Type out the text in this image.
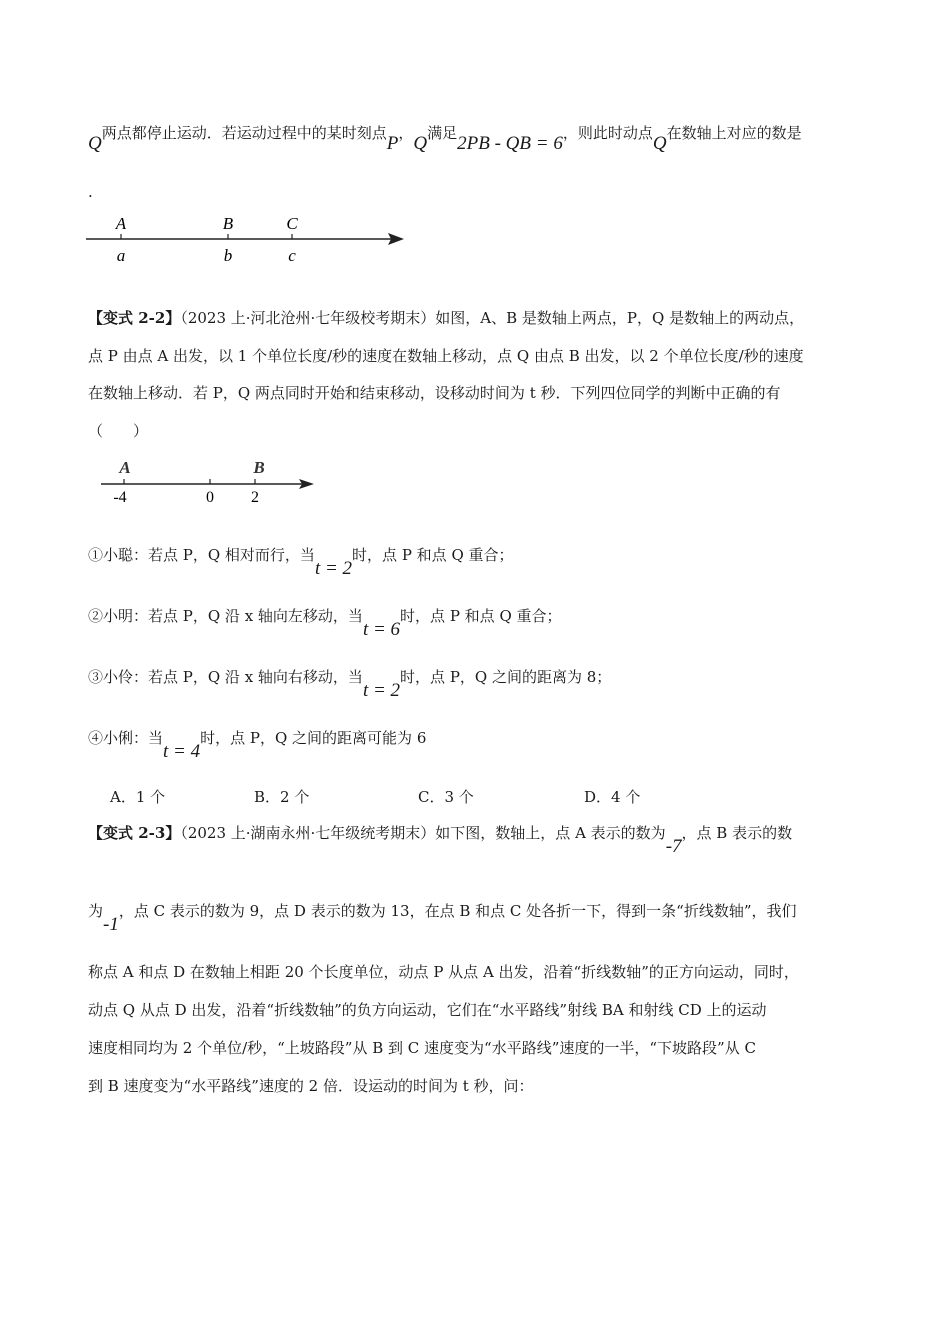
Q两点都停止运动．若运动过程中的某时刻点P，Q满足2PB - QB = 6，则此时动点Q在数轴上对应的数是
.
A	B	C
a	b	c
【变式 2-2】（2023 上·河北沧州·七年级校考期末）如图，A、B 是数轴上两点，P，Q 是数轴上的两动点，
点 P 由点 A 出发，以 1 个单位长度/秒的速度在数轴上移动，点 Q 由点 B 出发，以 2 个单位长度/秒的速度
在数轴上移动．若 P，Q 两点同时开始和结束移动，设移动时间为 t 秒．下列四位同学的判断中正确的有
（　　）
A	B
-4	0 2
①小聪：若点 P，Q 相对而行，当t = 2时，点 P 和点 Q 重合；
②小明：若点 P，Q 沿 x 轴向左移动，当t = 6时，点 P 和点 Q 重合；
③小伶：若点 P，Q 沿 x 轴向右移动，当t = 2时，点 P，Q 之间的距离为 8；
④小俐：当t = 4时，点 P，Q 之间的距离可能为 6
A．1 个	B．2 个	C．3 个	D．4 个
【变式 2-3】（2023 上·湖南永州·七年级统考期末）如下图，数轴上，点 A 表示的数为-7，点 B 表示的数
为-1，点 C 表示的数为 9，点 D 表示的数为 13，在点 B 和点 C 处各折一下，得到一条“折线数轴”，我们
称点 A 和点 D 在数轴上相距 20 个长度单位，动点 P 从点 A 出发，沿着“折线数轴”的正方向运动，同时，
动点 Q 从点 D 出发，沿着“折线数轴”的负方向运动，它们在“水平路线”射线 BA 和射线 CD 上的运动
速度相同均为 2 个单位/秒，“上坡路段”从 B 到 C 速度变为“水平路线”速度的一半，“下坡路段”从 C
到 B 速度变为“水平路线”速度的 2 倍．设运动的时间为 t 秒，问：
